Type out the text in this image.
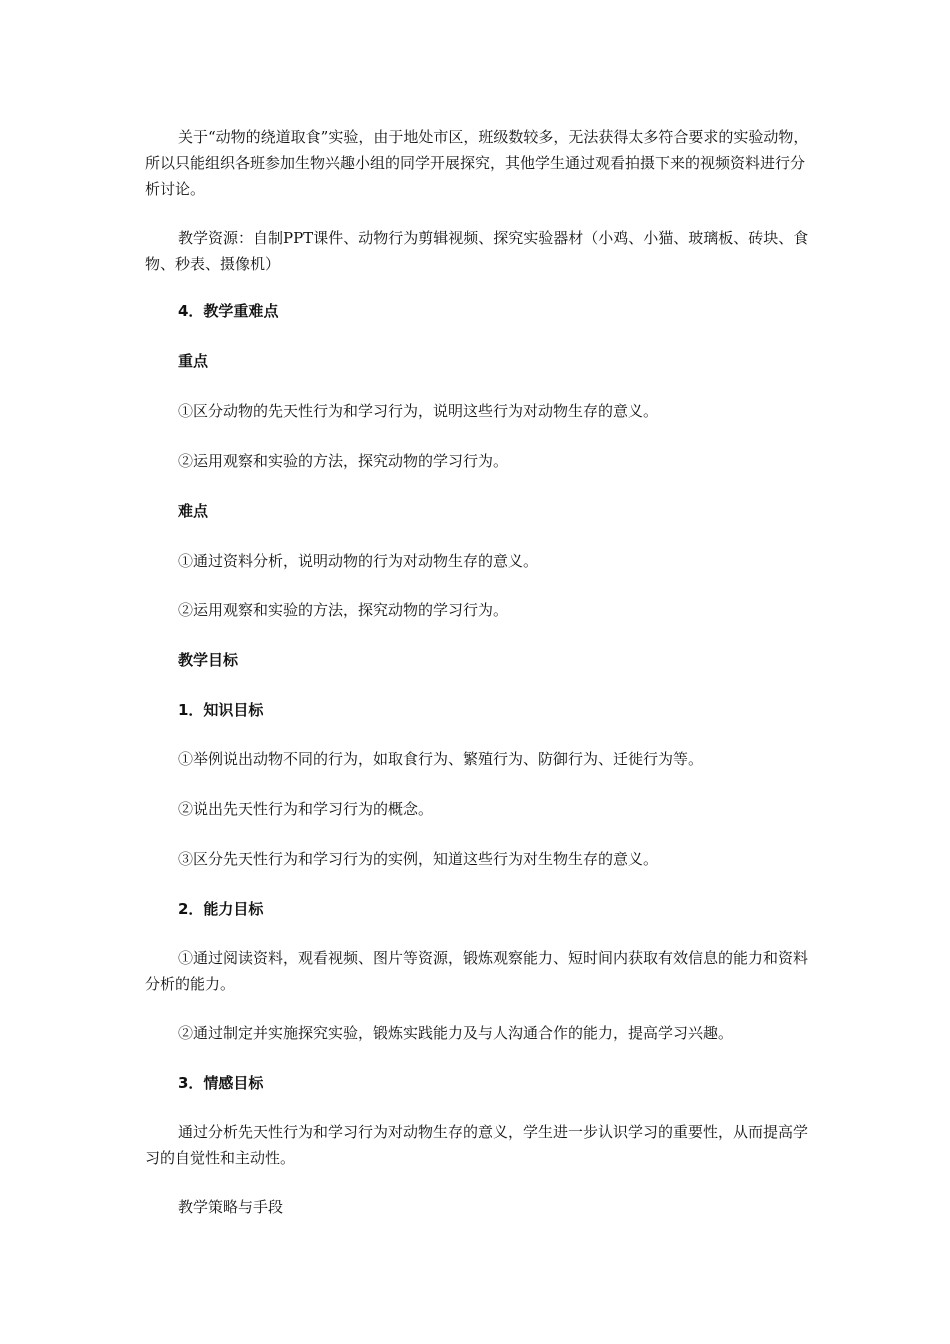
关于“动物的绕道取食”实验，由于地处市区，班级数较多，无法获得太多符合要求的实验动物，所以只能组织各班参加生物兴趣小组的同学开展探究，其他学生通过观看拍摄下来的视频资料进行分析讨论。

教学资源：自制PPT课件、动物行为剪辑视频、探究实验器材（小鸡、小猫、玻璃板、砖块、食物、秒表、摄像机）

4．教学重难点

重点

①区分动物的先天性行为和学习行为，说明这些行为对动物生存的意义。

②运用观察和实验的方法，探究动物的学习行为。

难点

①通过资料分析，说明动物的行为对动物生存的意义。

②运用观察和实验的方法，探究动物的学习行为。

教学目标

1．知识目标

①举例说出动物不同的行为，如取食行为、繁殖行为、防御行为、迁徙行为等。

②说出先天性行为和学习行为的概念。

③区分先天性行为和学习行为的实例，知道这些行为对生物生存的意义。

2．能力目标

①通过阅读资料，观看视频、图片等资源，锻炼观察能力、短时间内获取有效信息的能力和资料分析的能力。

②通过制定并实施探究实验，锻炼实践能力及与人沟通合作的能力，提高学习兴趣。

3．情感目标

通过分析先天性行为和学习行为对动物生存的意义，学生进一步认识学习的重要性，从而提高学习的自觉性和主动性。

教学策略与手段
